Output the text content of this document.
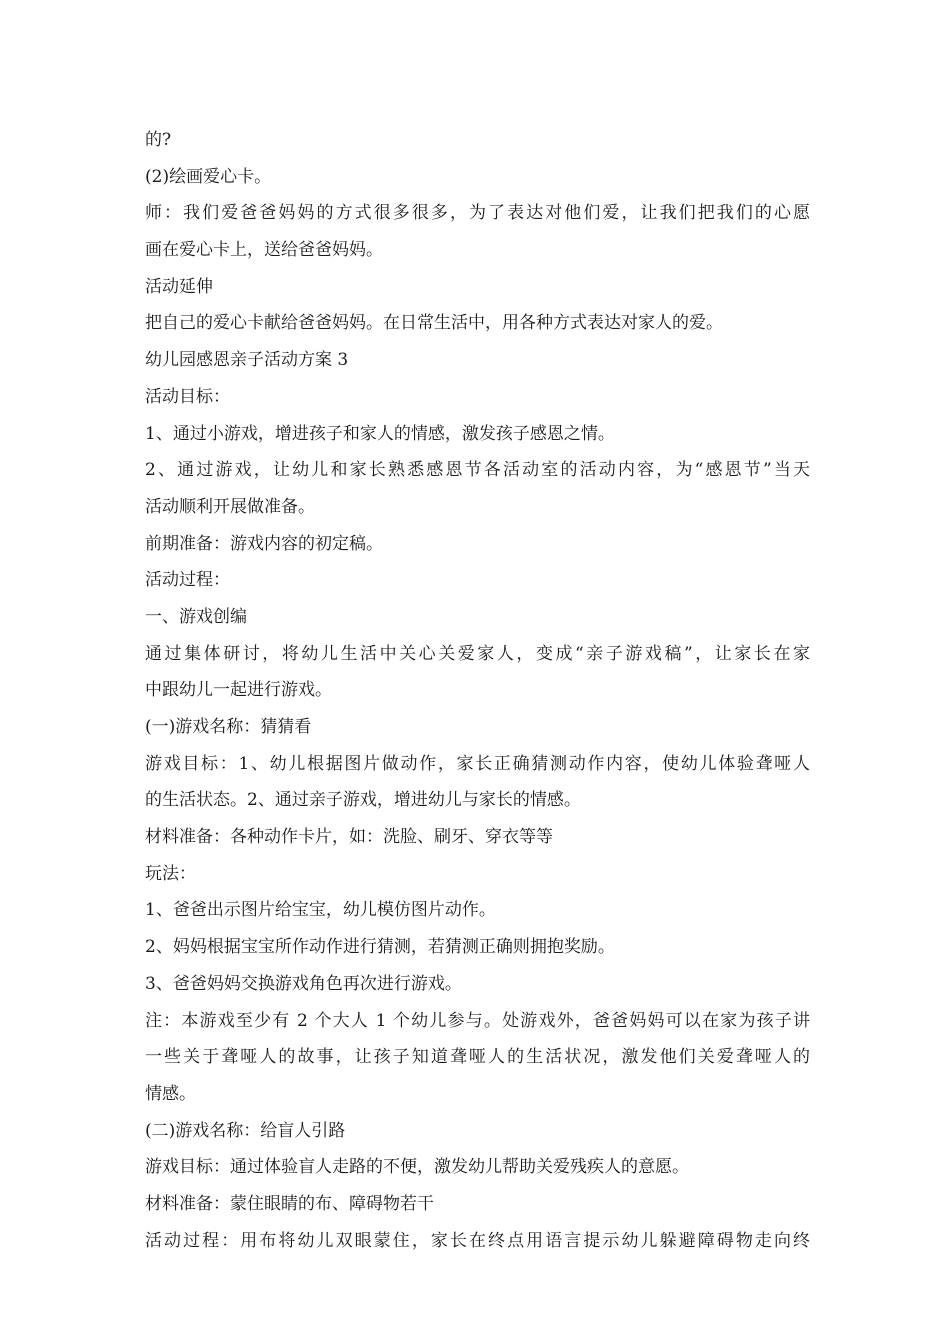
的?
(2)绘画爱心卡。
师：我们爱爸爸妈妈的方式很多很多，为了表达对他们爱，让我们把我们的心愿
画在爱心卡上，送给爸爸妈妈。
活动延伸
把自己的爱心卡献给爸爸妈妈。在日常生活中，用各种方式表达对家人的爱。
幼儿园感恩亲子活动方案 3
活动目标：
1、通过小游戏，增进孩子和家人的情感，激发孩子感恩之情。
2、通过游戏，让幼儿和家长熟悉感恩节各活动室的活动内容，为“感恩节”当天
活动顺利开展做准备。
前期准备：游戏内容的初定稿。
活动过程：
一、游戏创编
通过集体研讨，将幼儿生活中关心关爱家人，变成“亲子游戏稿”，让家长在家
中跟幼儿一起进行游戏。
(一)游戏名称：猜猜看
游戏目标：1、幼儿根据图片做动作，家长正确猜测动作内容，使幼儿体验聋哑人
的生活状态。2、通过亲子游戏，增进幼儿与家长的情感。
材料准备：各种动作卡片，如：洗脸、刷牙、穿衣等等
玩法：
1、爸爸出示图片给宝宝，幼儿模仿图片动作。
2、妈妈根据宝宝所作动作进行猜测，若猜测正确则拥抱奖励。
3、爸爸妈妈交换游戏角色再次进行游戏。
注：本游戏至少有 2 个大人 1 个幼儿参与。处游戏外，爸爸妈妈可以在家为孩子讲
一些关于聋哑人的故事，让孩子知道聋哑人的生活状况，激发他们关爱聋哑人的
情感。
(二)游戏名称：给盲人引路
游戏目标：通过体验盲人走路的不便，激发幼儿帮助关爱残疾人的意愿。
材料准备：蒙住眼睛的布、障碍物若干
活动过程：用布将幼儿双眼蒙住，家长在终点用语言提示幼儿躲避障碍物走向终
